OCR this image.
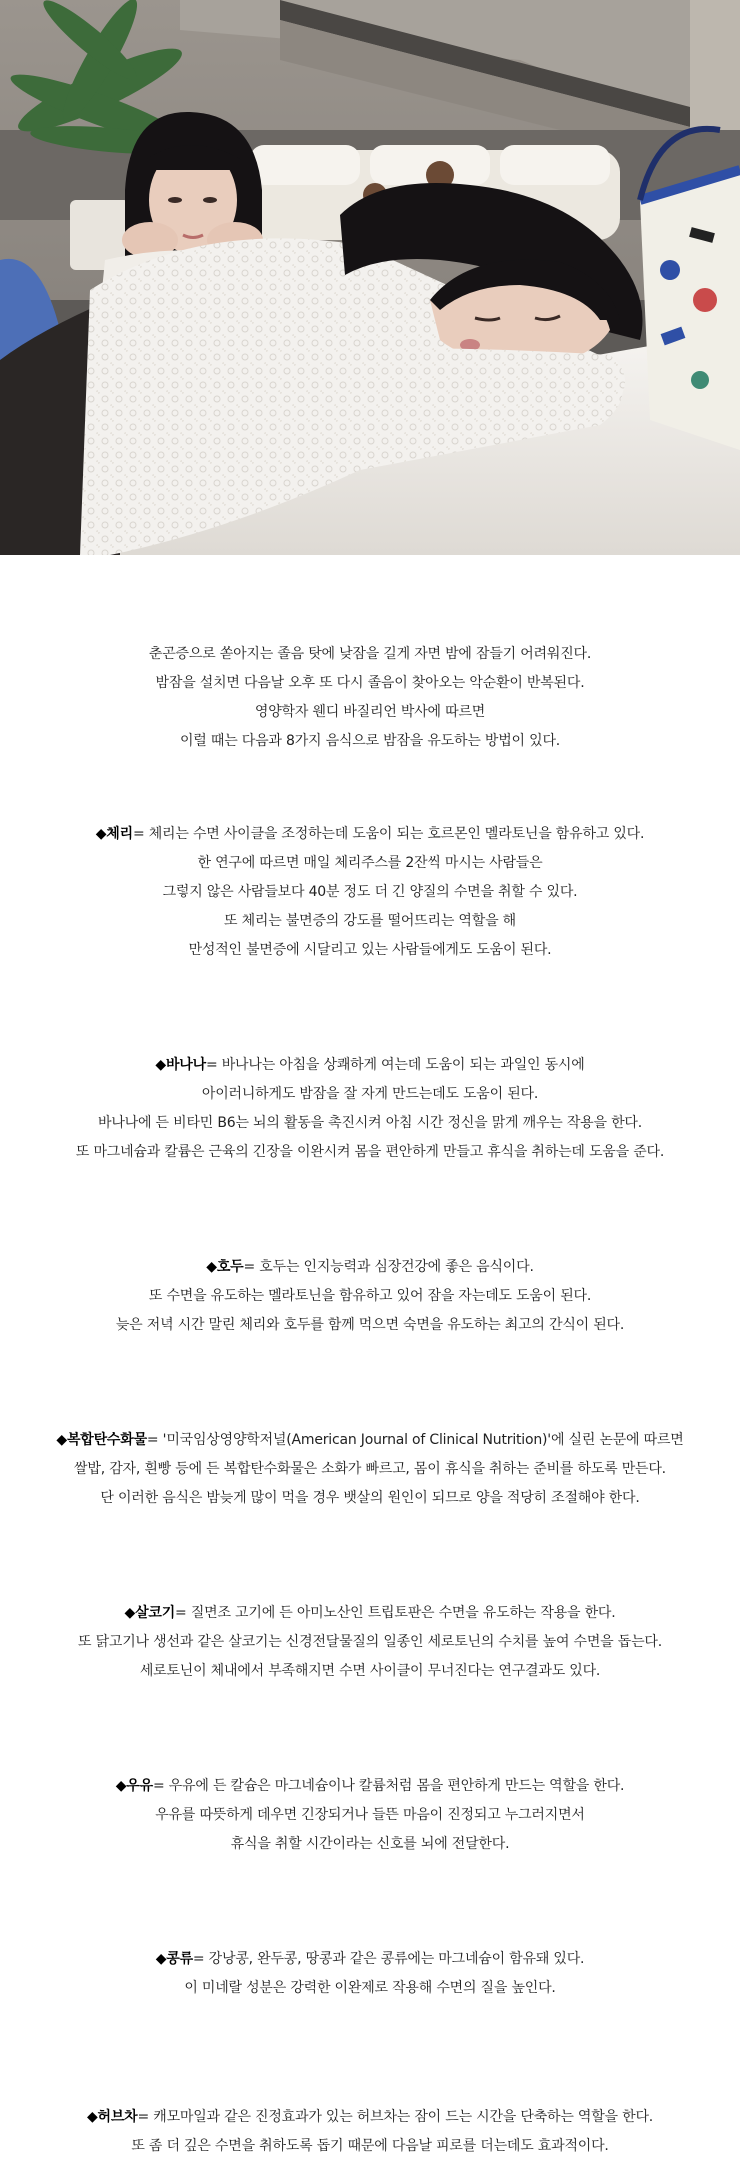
춘곤증으로 쏟아지는 졸음 탓에 낮잠을 길게 자면 밤에 잠들기 어려워진다.
밤잠을 설치면 다음날 오후 또 다시 졸음이 찾아오는 악순환이 반복된다.
영양학자 웬디 바질리언 박사에 따르면
이럴 때는 다음과 8가지 음식으로 밤잠을 유도하는 방법이 있다.

◆체리= 체리는 수면 사이클을 조정하는데 도움이 되는 호르몬인 멜라토닌을 함유하고 있다.
한 연구에 따르면 매일 체리주스를 2잔씩 마시는 사람들은
그렇지 않은 사람들보다 40분 정도 더 긴 양질의 수면을 취할 수 있다.
또 체리는 불면증의 강도를 떨어뜨리는 역할을 해
만성적인 불면증에 시달리고 있는 사람들에게도 도움이 된다.

◆바나나= 바나나는 아침을 상쾌하게 여는데 도움이 되는 과일인 동시에
아이러니하게도 밤잠을 잘 자게 만드는데도 도움이 된다.
바나나에 든 비타민 B6는 뇌의 활동을 촉진시켜 아침 시간 정신을 맑게 깨우는 작용을 한다.
또 마그네슘과 칼륨은 근육의 긴장을 이완시켜 몸을 편안하게 만들고 휴식을 취하는데 도움을 준다.

◆호두= 호두는 인지능력과 심장건강에 좋은 음식이다.
또 수면을 유도하는 멜라토닌을 함유하고 있어 잠을 자는데도 도움이 된다.
늦은 저녁 시간 말린 체리와 호두를 함께 먹으면 숙면을 유도하는 최고의 간식이 된다.

◆복합탄수화물= '미국임상영양학저널(American Journal of Clinical Nutrition)'에 실린 논문에 따르면
쌀밥, 감자, 흰빵 등에 든 복합탄수화물은 소화가 빠르고, 몸이 휴식을 취하는 준비를 하도록 만든다.
단 이러한 음식은 밤늦게 많이 먹을 경우 뱃살의 원인이 되므로 양을 적당히 조절해야 한다.

◆살코기= 질면조 고기에 든 아미노산인 트립토판은 수면을 유도하는 작용을 한다.
또 닭고기나 생선과 같은 살코기는 신경전달물질의 일종인 세로토닌의 수치를 높여 수면을 돕는다.
세로토닌이 체내에서 부족해지면 수면 사이클이 무너진다는 연구결과도 있다.

◆우유= 우유에 든 칼슘은 마그네슘이나 칼륨처럼 몸을 편안하게 만드는 역할을 한다.
우유를 따뜻하게 데우면 긴장되거나 들뜬 마음이 진정되고 누그러지면서
휴식을 취할 시간이라는 신호를 뇌에 전달한다.

◆콩류= 강낭콩, 완두콩, 땅콩과 같은 콩류에는 마그네슘이 함유돼 있다.
이 미네랄 성분은 강력한 이완제로 작용해 수면의 질을 높인다.

◆허브차= 캐모마일과 같은 진정효과가 있는 허브차는 잠이 드는 시간을 단축하는 역할을 한다.
또 좀 더 깊은 수면을 취하도록 돕기 때문에 다음날 피로를 더는데도 효과적이다.
